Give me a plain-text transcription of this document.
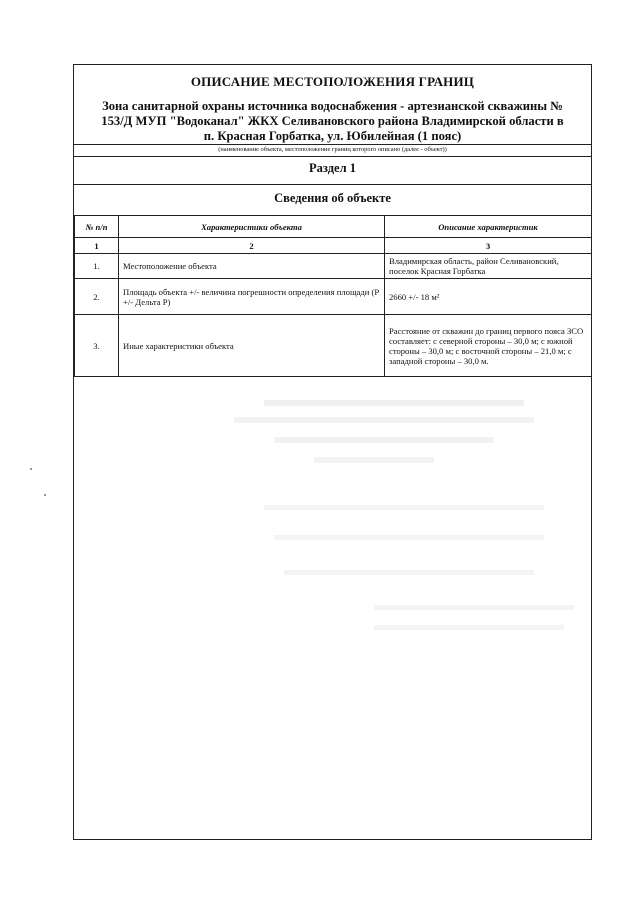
ОПИСАНИЕ МЕСТОПОЛОЖЕНИЯ ГРАНИЦ
Зона санитарной охраны источника водоснабжения - артезианской скважины №
153/Д МУП "Водоканал" ЖКХ Селивановского района Владимирской области в
п. Красная Горбатка, ул. Юбилейная (1 пояс)
(наименование объекта, местоположение границ которого описано (далее - объект))
Раздел 1
Сведения об объекте
№ п/п	Характеристики объекта	Описание характеристик
1	2	3
1.	Местоположение объекта	Владимирская область, район Селивановский, поселок Красная Горбатка
2.	Площадь объекта +/- величина погрешности определения площади (P +/- Дельта P)	2660 +/- 18 м²
3.	Иные характеристики объекта	Расстояние от скважин до границ первого пояса ЗСО составляет: с северной стороны – 30,0 м; с южной стороны – 30,0 м; с восточной стороны – 21,0 м; с западной стороны – 30,0 м.
